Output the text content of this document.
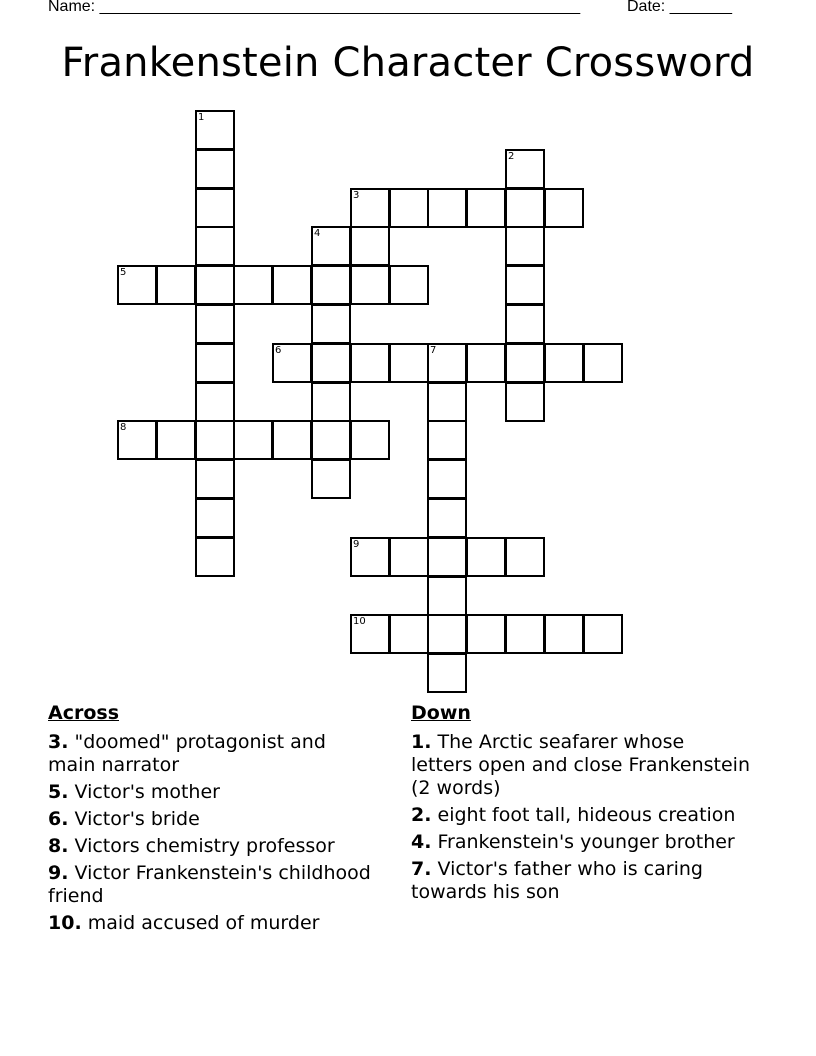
Name: ______________________________________________________	Date: _______
Frankenstein Character Crossword
1
2
3
4
5
6	7
8
9
10
Across
3. "doomed" protagonist and main narrator
5. Victor's mother
6. Victor's bride
8. Victors chemistry professor
9. Victor Frankenstein's childhood friend
10. maid accused of murder
Down
1. The Arctic seafarer whose letters open and close Frankenstein (2 words)
2. eight foot tall, hideous creation
4. Frankenstein's younger brother
7. Victor's father who is caring towards his son
